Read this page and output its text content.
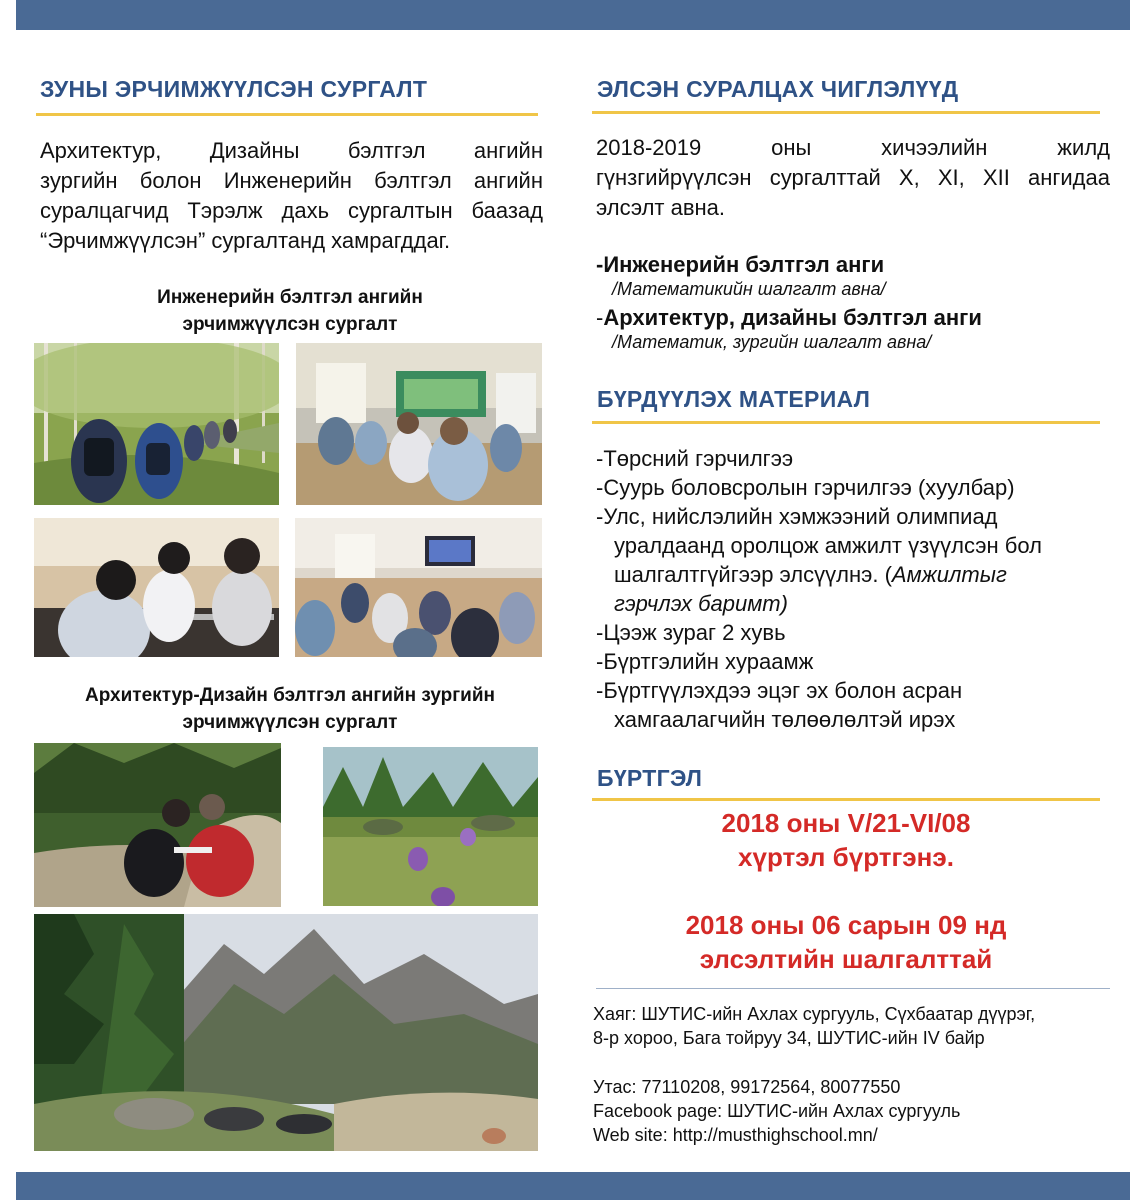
ЗУНЫ ЭРЧИМЖҮҮЛСЭН СУРГАЛТ
Архитектур, Дизайны бэлтгэл ангийн
зургийн болон Инженерийн бэлтгэл ангийн
суралцагчид Тэрэлж дахь сургалтын баазад
“Эрчимжүүлсэн” сургалтанд хамрагддаг.
Инженерийн бэлтгэл ангийн
эрчимжүүлсэн сургалт
Архитектур-Дизайн бэлтгэл ангийн зургийн
эрчимжүүлсэн сургалт
ЭЛСЭН СУРАЛЦАХ ЧИГЛЭЛҮҮД
2018-2019 оны хичээлийн жилд
гүнзгийрүүлсэн сургалттай X, XI, XII ангидаа
элсэлт авна.
-Инженерийн бэлтгэл анги
/Математикийн шалгалт авна/
-Архитектур, дизайны бэлтгэл анги
/Математик, зургийн шалгалт авна/
БҮРДҮҮЛЭХ МАТЕРИАЛ
-Төрсний гэрчилгээ
-Суурь боловсролын гэрчилгээ (хуулбар)
-Улс, нийслэлийн хэмжээний олимпиад
уралдаанд оролцож амжилт үзүүлсэн бол
шалгалтгүйгээр элсүүлнэ. (Амжилтыг
гэрчлэх баримт)
-Цээж зураг 2 хувь
-Бүртгэлийн хураамж
-Бүртгүүлэхдээ эцэг эх болон асран
хамгаалагчийн төлөөлөлтэй ирэх
БҮРТГЭЛ
2018 оны V/21-VI/08
хүртэл бүртгэнэ.
2018 оны 06 сарын 09 нд
элсэлтийн шалгалттай
Хаяг: ШУТИС-ийн Ахлах сургууль, Сүхбаатар дүүрэг,
8-р хороо, Бага тойруу 34, ШУТИС-ийн IV байр
Утас: 77110208, 99172564, 80077550
Facebook page: ШУТИС-ийн Ахлах сургууль
Web site: http://musthighschool.mn/
